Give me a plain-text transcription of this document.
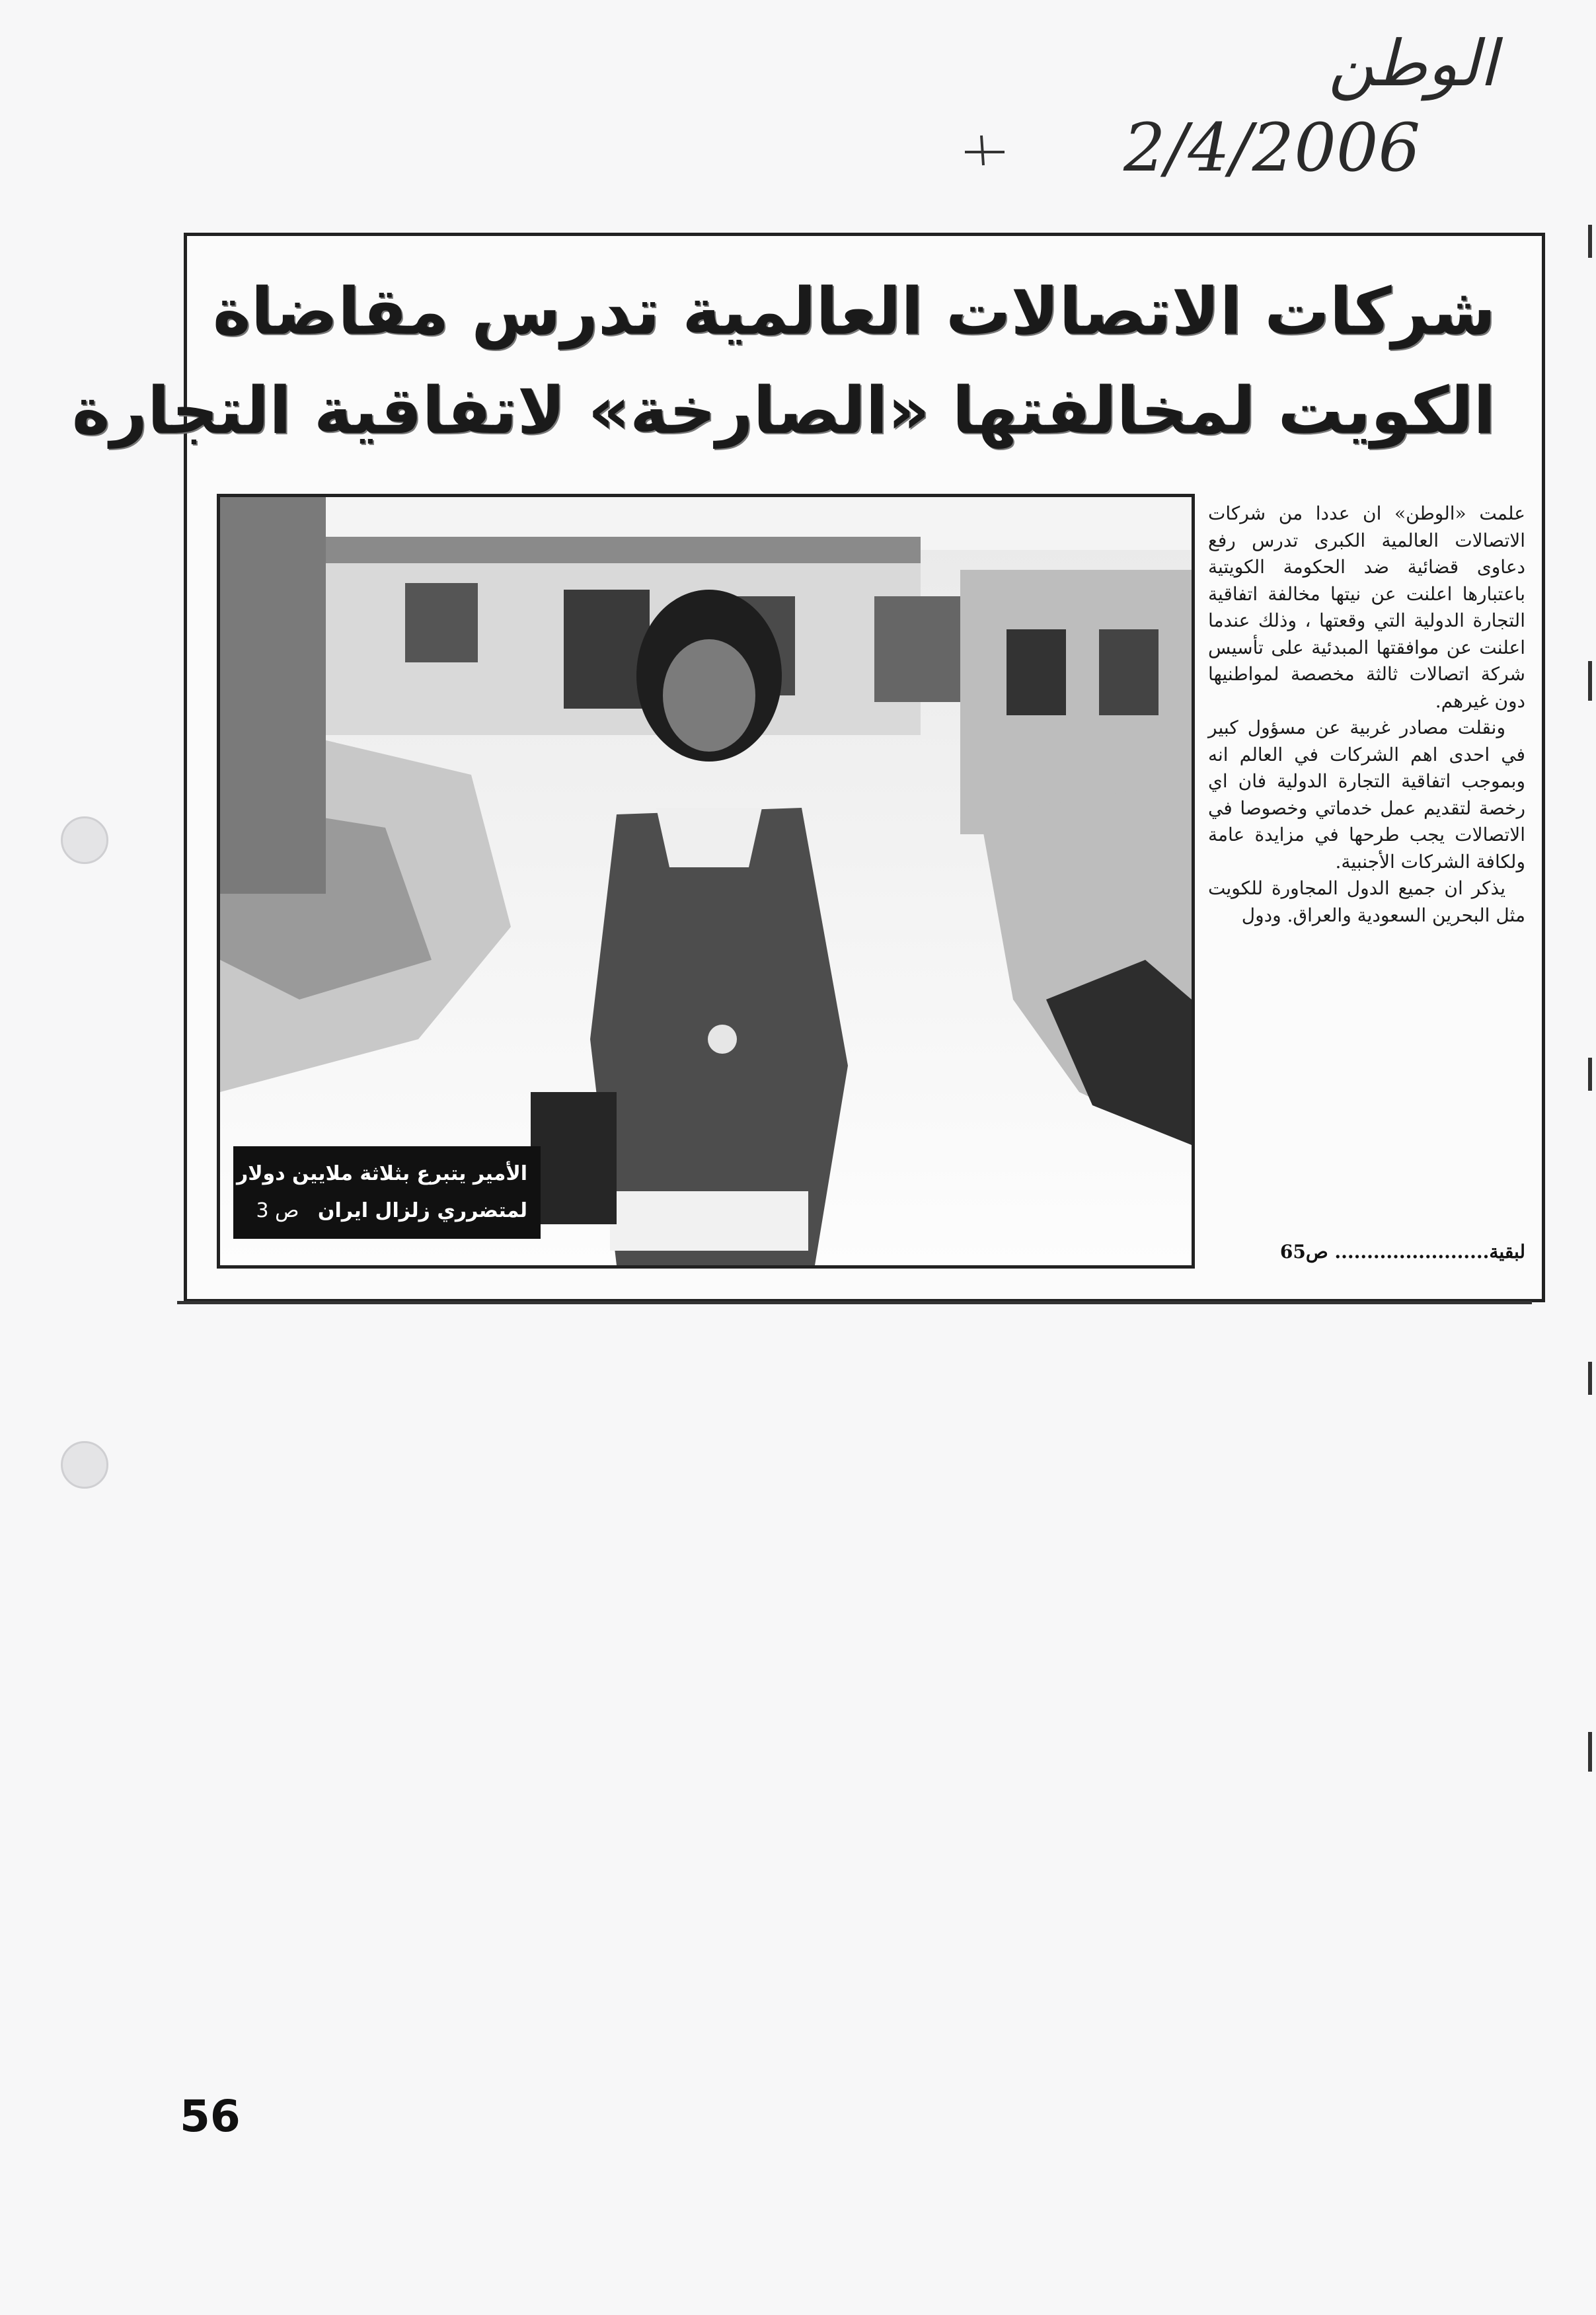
الوطن
2/4/2006
شركات الاتصالات العالمية تدرس مقاضاة
الكويت لمخالفتها «الصارخة» لاتفاقية التجارة
الأمير يتبرع بثلاثة ملايين دولار
لمتضرري زلزال ايران ص 3

علمت «الوطن» ان عددا من شركات الاتصالات العالمية الكبرى تدرس رفع دعاوى قضائية ضد الحكومة الكويتية باعتبارها اعلنت عن نيتها مخالفة اتفاقية التجارة الدولية التي وقعتها ، وذلك عندما اعلنت عن موافقتها المبدئية على تأسيس شركة اتصالات ثالثة مخصصة لمواطنيها دون غيرهم.

ونقلت مصادر غربية عن مسؤول كبير في احدى اهم الشركات في العالم انه وبموجب اتفاقية التجارة الدولية فان اي رخصة لتقديم عمل خدماتي وخصوصا في الاتصالات يجب طرحها في مزايدة عامة ولكافة الشركات الأجنبية.

يذكر ان جميع الدول المجاورة للكويت مثل البحرين السعودية والعراق. ودول

لبقية........................ ص65
56
